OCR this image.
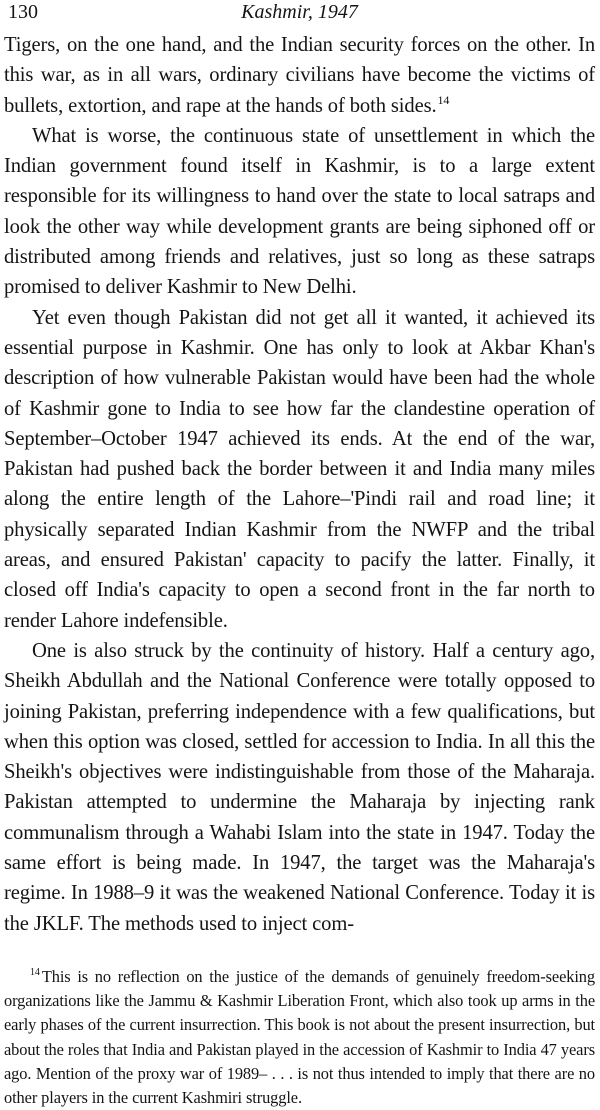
130	Kashmir, 1947

Tigers, on the one hand, and the Indian security forces on the other. In this war, as in all wars, ordinary civilians have become the victims of bullets, extortion, and rape at the hands of both sides.$^{14}$

What is worse, the continuous state of unsettlement in which the Indian government found itself in Kashmir, is to a large extent responsible for its willingness to hand over the state to local satraps and look the other way while development grants are being siphoned off or distributed among friends and relatives, just so long as these satraps promised to deliver Kashmir to New Delhi.

Yet even though Pakistan did not get all it wanted, it achieved its essential purpose in Kashmir. One has only to look at Akbar Khan's description of how vulnerable Pakistan would have been had the whole of Kashmir gone to India to see how far the clandestine operation of September–October 1947 achieved its ends. At the end of the war, Pakistan had pushed back the border between it and India many miles along the entire length of the Lahore–'Pindi rail and road line; it physically separated Indian Kashmir from the NWFP and the tribal areas, and ensured Pakistan' capacity to pacify the latter. Finally, it closed off India's capacity to open a second front in the far north to render Lahore indefensible.

One is also struck by the continuity of history. Half a century ago, Sheikh Abdullah and the National Conference were totally opposed to joining Pakistan, preferring independence with a few qualifications, but when this option was closed, settled for accession to India. In all this the Sheikh's objectives were indistinguishable from those of the Maharaja. Pakistan attempted to undermine the Maharaja by injecting rank communalism through a Wahabi Islam into the state in 1947. Today the same effort is being made. In 1947, the target was the Maharaja's regime. In 1988–9 it was the weakened National Conference. Today it is the JKLF. The methods used to inject com-

$^{14}$ This is no reflection on the justice of the demands of genuinely freedom-seeking organizations like the Jammu & Kashmir Liberation Front, which also took up arms in the early phases of the current insurrection. This book is not about the present insurrection, but about the roles that India and Pakistan played in the accession of Kashmir to India 47 years ago. Mention of the proxy war of 1989– . . . is not thus intended to imply that there are no other players in the current Kashmiri struggle.
